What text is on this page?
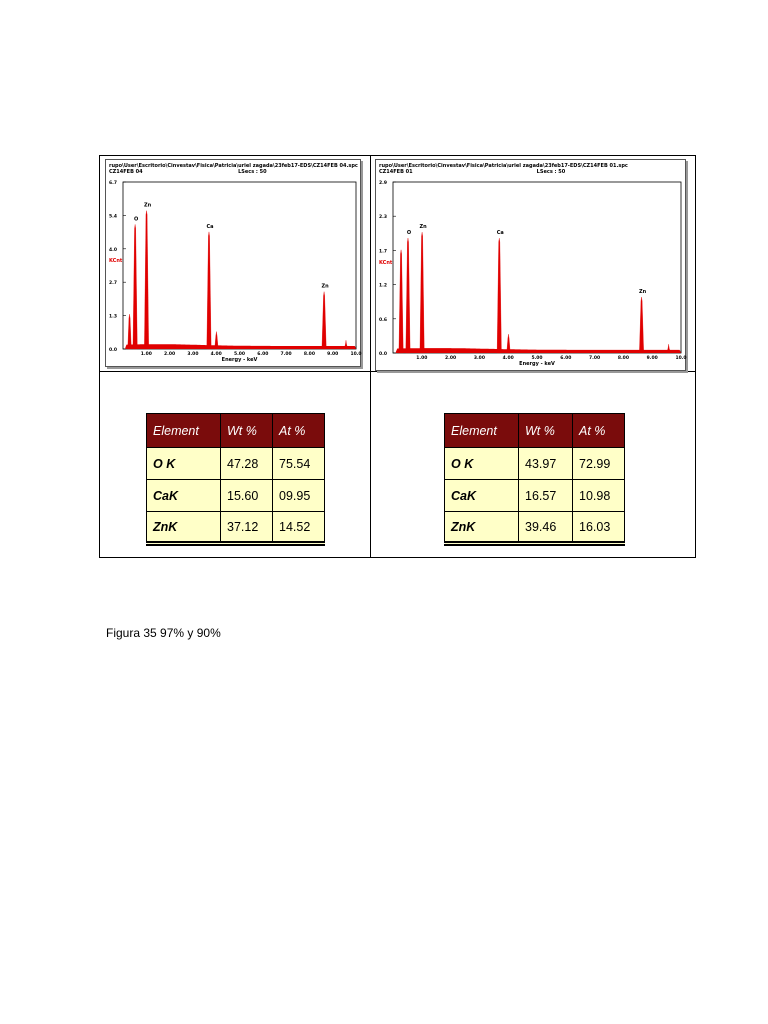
rupo\User\Escritorio\Cinvestav\Fisica\Patricia\uriel zagada\23feb17-EDS\CZ14FEB 04.spc
CZ14FEB 04	LSecs : 50
6.7
5.4
4.0
2.7
1.3
0.0
KCnt
1.00	2.00	3.00	4.00	5.00	6.00	7.00	8.00	9.00	10.0
Energy - keV
O
Zn
Ca
Zn
rupo\User\Escritorio\Cinvestav\Fisica\Patricia\uriel zagada\23feb17-EDS\CZ14FEB 01.spc
CZ14FEB 01	LSecs : 50
2.9
2.3
1.7
1.2
0.6
0.0
KCnt
1.00	2.00	3.00	4.00	5.00	6.00	7.00	8.00	9.00	10.0
Energy - keV
O
Zn
Ca
Zn
Element	Wt %	At %
O K	47.28	75.54
CaK	15.60	09.95
ZnK	37.12	14.52
Element	Wt %	At %
O K	43.97	72.99
CaK	16.57	10.98
ZnK	39.46	16.03
Figura 35 97% y 90%
